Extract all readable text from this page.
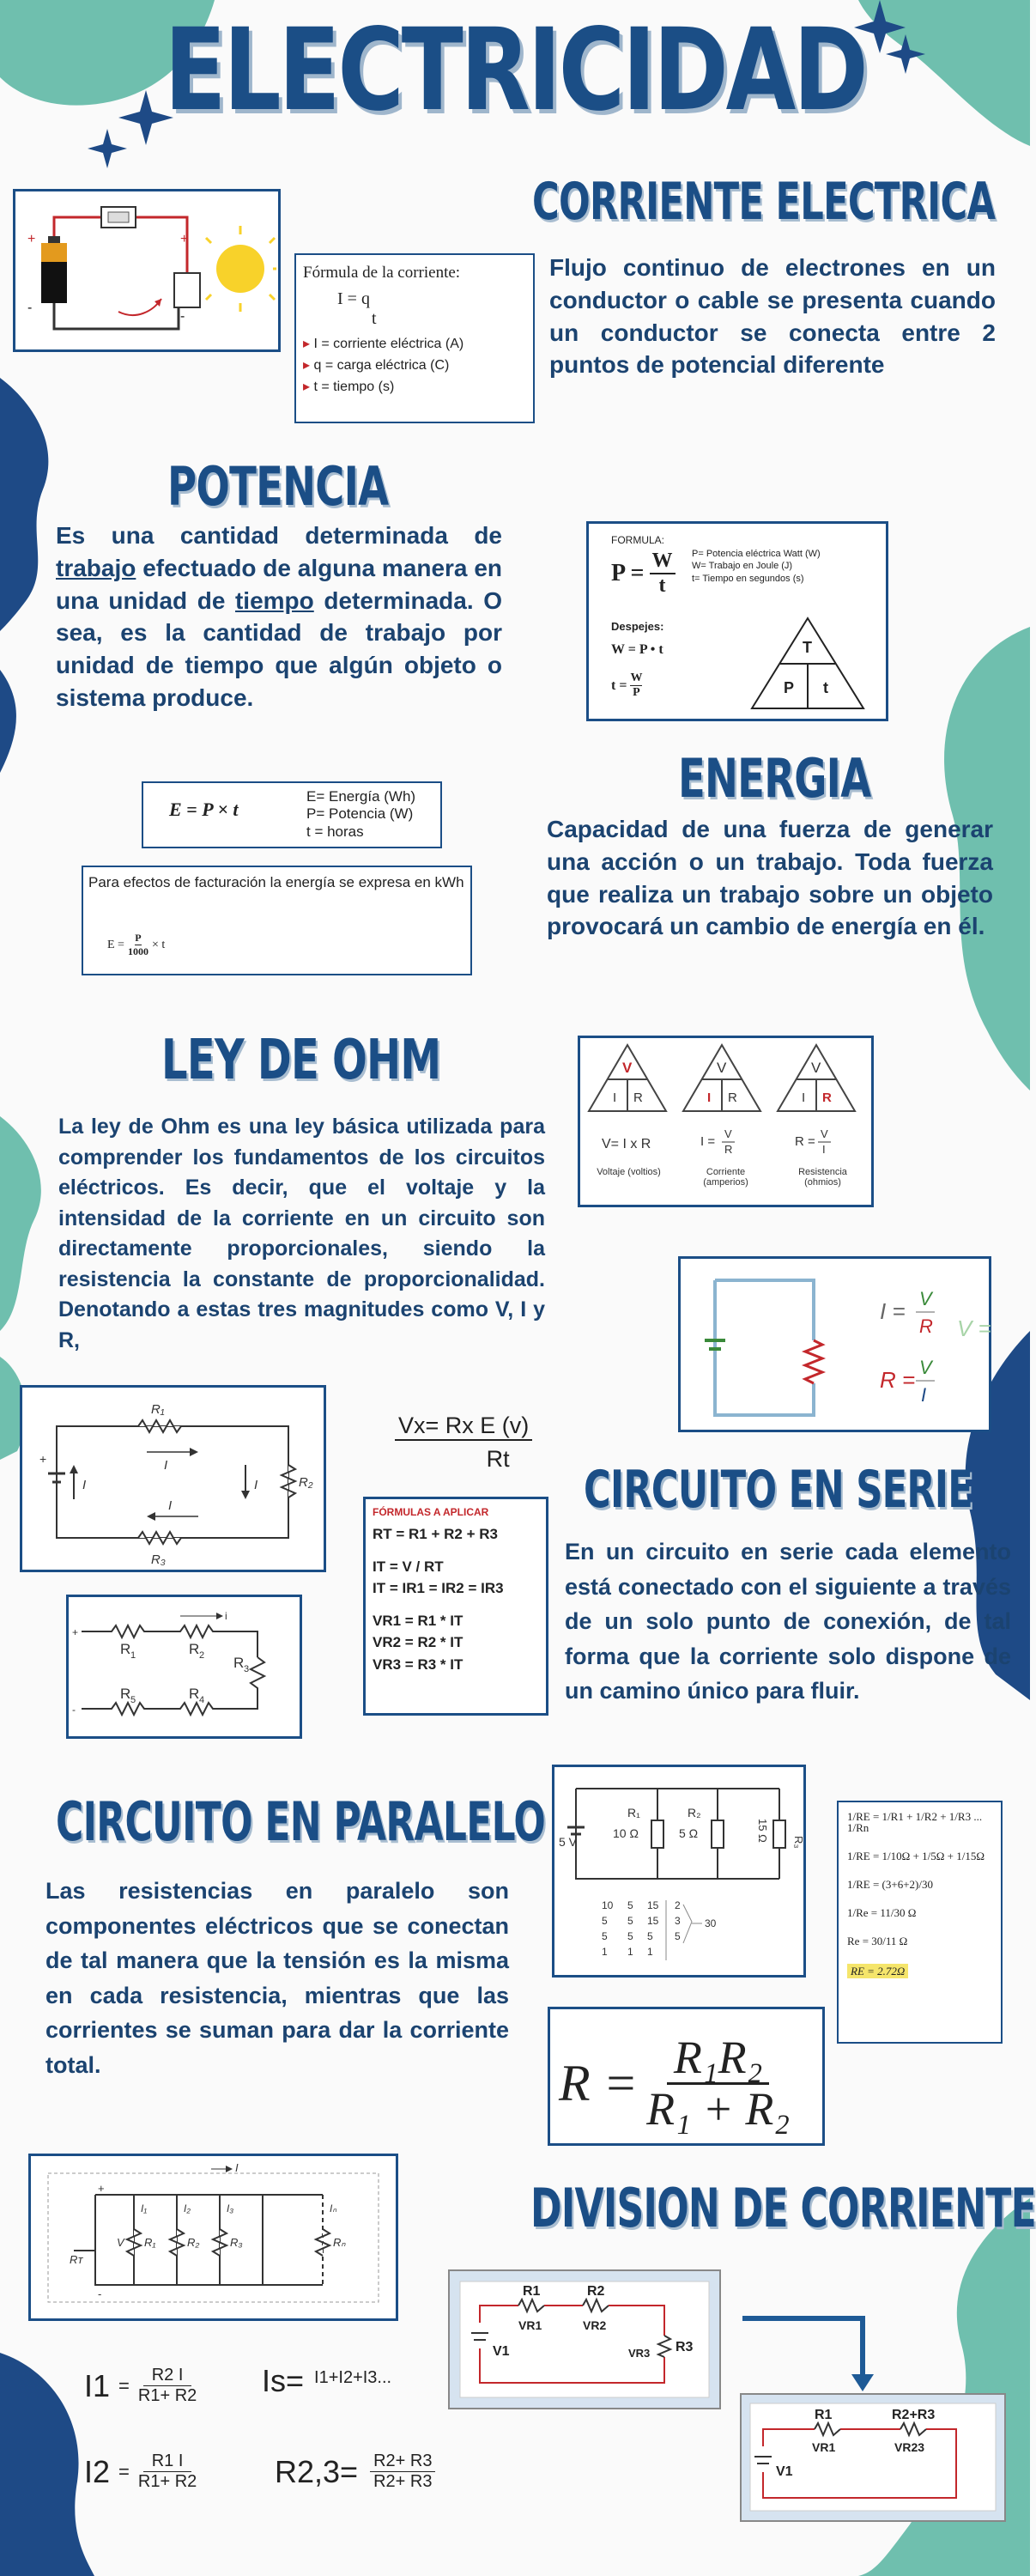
ELECTRICIDAD
+
-
+
-
CORRIENTE ELECTRICA
Fórmula de la corriente:
I = q
t
▸ I = corriente eléctrica (A)
▸ q = carga eléctrica (C)
▸ t = tiempo (s)
Flujo continuo de electrones en un conductor o cable se presenta cuando un conductor se conecta entre 2 puntos de potencial diferente
POTENCIA
Es una cantidad determinada de trabajo efectuado de alguna manera en una unidad de tiempo determinada. O sea, es la cantidad de trabajo por unidad de tiempo que algún objeto o sistema produce.
FORMULA:
$P = \frac{W}{t} P=$ Potencia eléctrica Watt (W)
W= Trabajo en Joule (J)
t= Tiempo en segundos (s)
Despejes:
W = P • t
$t = \frac{W}{P}$
T
P t
ENERGIA
E = P × t
E= Energía (Wh)
P= Potencia (W)
t = horas
Para efectos de facturación la energía se expresa en kWh
$E = \frac{P}{1000} \times t$
Capacidad de una fuerza de generar una acción o un trabajo. Toda fuerza que realiza un trabajo sobre un objeto provocará un cambio de energía en él.
LEY DE OHM
La ley de Ohm es una ley básica utilizada para comprender los fundamentos de los circuitos eléctricos. Es decir, que el voltaje y la intensidad de la corriente en un circuito son directamente proporcionales, siendo la resistencia la constante de proporcionalidad. Denotando a estas tres magnitudes como V, I y R,
V
I R
V
I R
V
I R
V= I x R	I =
V
R
R =
V
I
Voltaje (voltios)	Corriente (amperios)
Resistencia (ohmios)
I = V
R V =
R = V
I
R₁
R₂
R₃
I	I
I
I
+	$\frac{\text{Vx= Rx E (v)}}{Rt}$
FÓRMULAS A APLICAR
RT = R1 + R2 + R3
IT = V / RT
IT = IR1 = IR2 = IR3
VR1 = R1 * IT
VR2 = R2 * IT
VR3 = R3 * IT
i
R 1	R 2 R 3
R 4
R 5
+
-
CIRCUITO EN SERIE
En un circuito en serie cada elemento está conectado con el siguiente a través de un solo punto de conexión, de tal forma que la corriente solo dispone de un camino único para fluir.
CIRCUITO EN PARALELO
Las resistencias en paralelo son componentes eléctricos que se conectan de tal manera que la tensión es la misma en cada resistencia, mientras que las corrientes se suman para dar la corriente total.
5 V
R₁
10 Ω
R₂
5 Ω
R₃
15 Ω
10 5 15 2
5 5 15 3
5 5 5 5
1 1 1
30
1/RE = 1/R1 + 1/R2 + 1/R3 ... 1/Rn
1/RE = 1/10Ω + 1/5Ω + 1/15Ω
1/RE = (3+6+2)/30
1/Re = 11/30 Ω
Re = 30/11 Ω
RE = 2.72Ω
$R = \frac{\text{R₁R₂}}{\text{R₁ + R₂}}$
I
Rᴛ
V R₁	R₂	R₃	Rₙ
I₁	I₂	I₃	Iₙ
+
-
DIVISION DE CORRIENTE
R1	R2
R3
VR1	VR2
VR3
V1
R1	R2+R3
VR1	VR23
V1
$I1 = \frac{R2 I}{R1+ R2} Is= I1+I2+I3$...
$I2 = \frac{R1 I}{R1+ R2}$	$R2,3= \frac{R2+ R3}{R2+ R3}$
